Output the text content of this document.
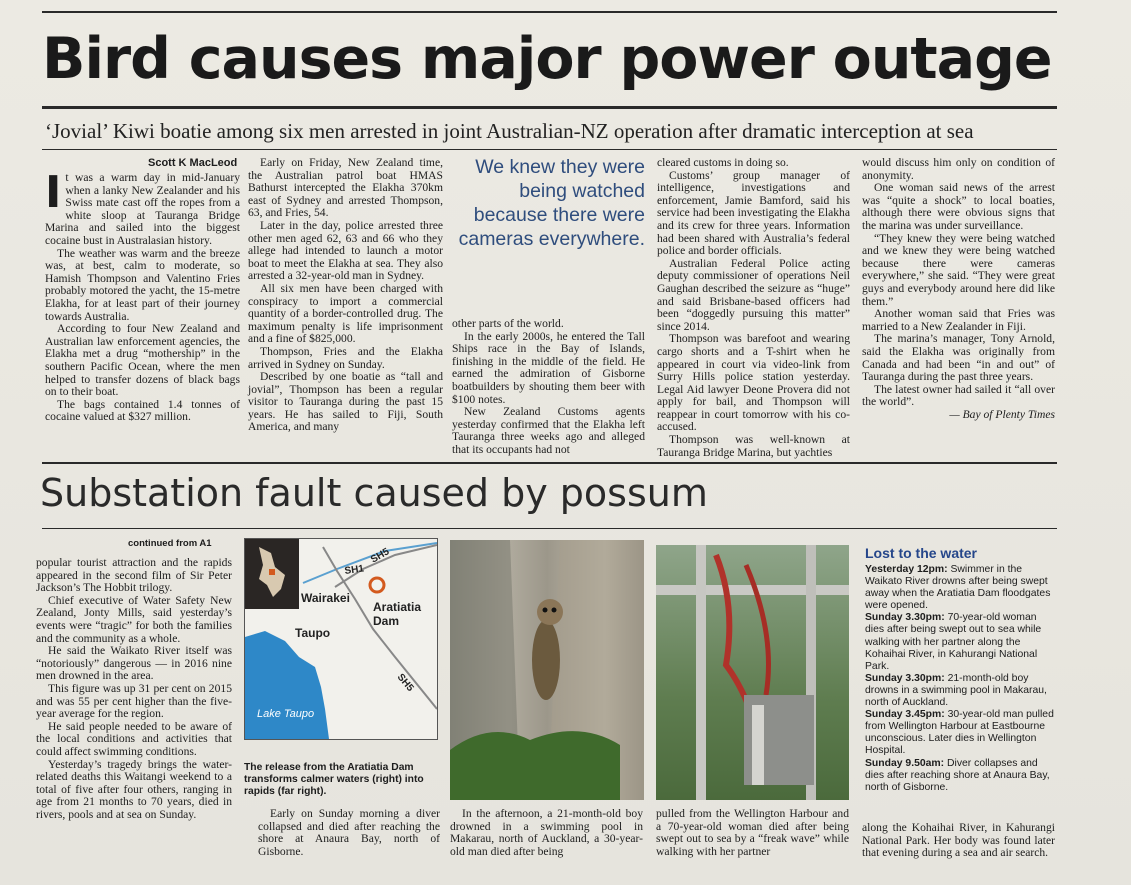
Bird causes major power outage
‘Jovial’ Kiwi boatie among six men arrested in joint Australian-NZ operation after dramatic interception at sea
Scott K MacLeod

It was a warm day in mid-January when a lanky New Zealander and his Swiss mate cast off the ropes from a white sloop at Tauranga Bridge Marina and sailed into the biggest cocaine bust in Australasian history.

The weather was warm and the breeze was, at best, calm to moderate, so Hamish Thompson and Valentino Fries probably motored the yacht, the 15-metre Elakha, for at least part of their journey towards Australia.

According to four New Zealand and Australian law enforcement agencies, the Elakha met a drug “mothership” in the southern Pacific Ocean, where the men helped to transfer dozens of black bags on to their boat.

The bags contained 1.4 tonnes of cocaine valued at $327 million.

Early on Friday, New Zealand time, the Australian patrol boat HMAS Bathurst intercepted the Elakha 370km east of Sydney and arrested Thompson, 63, and Fries, 54.

Later in the day, police arrested three other men aged 62, 63 and 66 who they allege had intended to launch a motor boat to meet the Elakha at sea. They also arrested a 32-year-old man in Sydney.

All six men have been charged with conspiracy to import a commercial quantity of a border-controlled drug. The maximum penalty is life imprisonment and a fine of $825,000.

Thompson, Fries and the Elakha arrived in Sydney on Sunday.

Described by one boatie as “tall and jovial”, Thompson has been a regular visitor to Tauranga during the past 15 years. He has sailed to Fiji, South America, and many

We knew they were being watched because there were cameras everywhere.

other parts of the world.

In the early 2000s, he entered the Tall Ships race in the Bay of Islands, finishing in the middle of the field. He earned the admiration of Gisborne boatbuilders by shouting them beer with $100 notes.

New Zealand Customs agents yesterday confirmed that the Elakha left Tauranga three weeks ago and alleged that its occupants had not

cleared customs in doing so.

Customs’ group manager of intelligence, investigations and enforcement, Jamie Bamford, said his service had been investigating the Elakha and its crew for three years. Information had been shared with Australia’s federal police and border officials.

Australian Federal Police acting deputy commissioner of operations Neil Gaughan described the seizure as “huge” and said Brisbane-based officers had been “doggedly pursuing this matter” since 2014.

Thompson was barefoot and wearing cargo shorts and a T-shirt when he appeared in court via video-link from Surry Hills police station yesterday. Legal Aid lawyer Deone Provera did not apply for bail, and Thompson will reappear in court tomorrow with his co-accused.

Thompson was well-known at Tauranga Bridge Marina, but yachties

would discuss him only on condition of anonymity.

One woman said news of the arrest was “quite a shock” to local boaties, although there were obvious signs that the marina was under surveillance.

“They knew they were being watched and we knew they were being watched because there were cameras everywhere,” she said. “They were great guys and everybody around here did like them.”

Another woman said that Fries was married to a New Zealander in Fiji.

The marina’s manager, Tony Arnold, said the Elakha was originally from Canada and had been “in and out” of Tauranga during the past three years.

The latest owner had sailed it “all over the world”.

— Bay of Plenty Times

Substation fault caused by possum
continued from A1

popular tourist attraction and the rapids appeared in the second film of Sir Peter Jackson’s The Hobbit trilogy.

Chief executive of Water Safety New Zealand, Jonty Mills, said yesterday’s events were “tragic” for both the families and the community as a whole.

He said the Waikato River itself was “notoriously” dangerous — in 2016 nine men drowned in the area.

This figure was up 31 per cent on 2015 and was 55 per cent higher than the five-year average for the region.

He said people needed to be aware of the local conditions and activities that could affect swimming conditions.

Yesterday’s tragedy brings the water-related deaths this Waitangi weekend to a total of five after four others, ranging in age from 21 months to 70 years, died in rivers, pools and at sea on Sunday.

SH1
SH5
Wairakei
Aratiatia
Dam
Taupo
SH5
Lake Taupo
The release from the Aratiatia Dam transforms calmer waters (right) into rapids (far right).
Lost to the water

Yesterday 12pm: Swimmer in the Waikato River drowns after being swept away when the Aratiatia Dam floodgates were opened.

Sunday 3.30pm: 70-year-old woman dies after being swept out to sea while walking with her partner along the Kohaihai River, in Kahurangi National Park.

Sunday 3.30pm: 21-month-old boy drowns in a swimming pool in Makarau, north of Auckland.

Sunday 3.45pm: 30-year-old man pulled from Wellington Harbour at Eastbourne unconscious. Later dies in Wellington Hospital.

Sunday 9.50am: Diver collapses and dies after reaching shore at Anaura Bay, north of Gisborne.

Early on Sunday morning a diver collapsed and died after reaching the shore at Anaura Bay, north of Gisborne.

In the afternoon, a 21-month-old boy drowned in a swimming pool in Makarau, north of Auckland, a 30-year-old man died after being

pulled from the Wellington Harbour and a 70-year-old woman died after being swept out to sea by a “freak wave” while walking with her partner

along the Kohaihai River, in Kahurangi National Park. Her body was found later that evening during a sea and air search.
